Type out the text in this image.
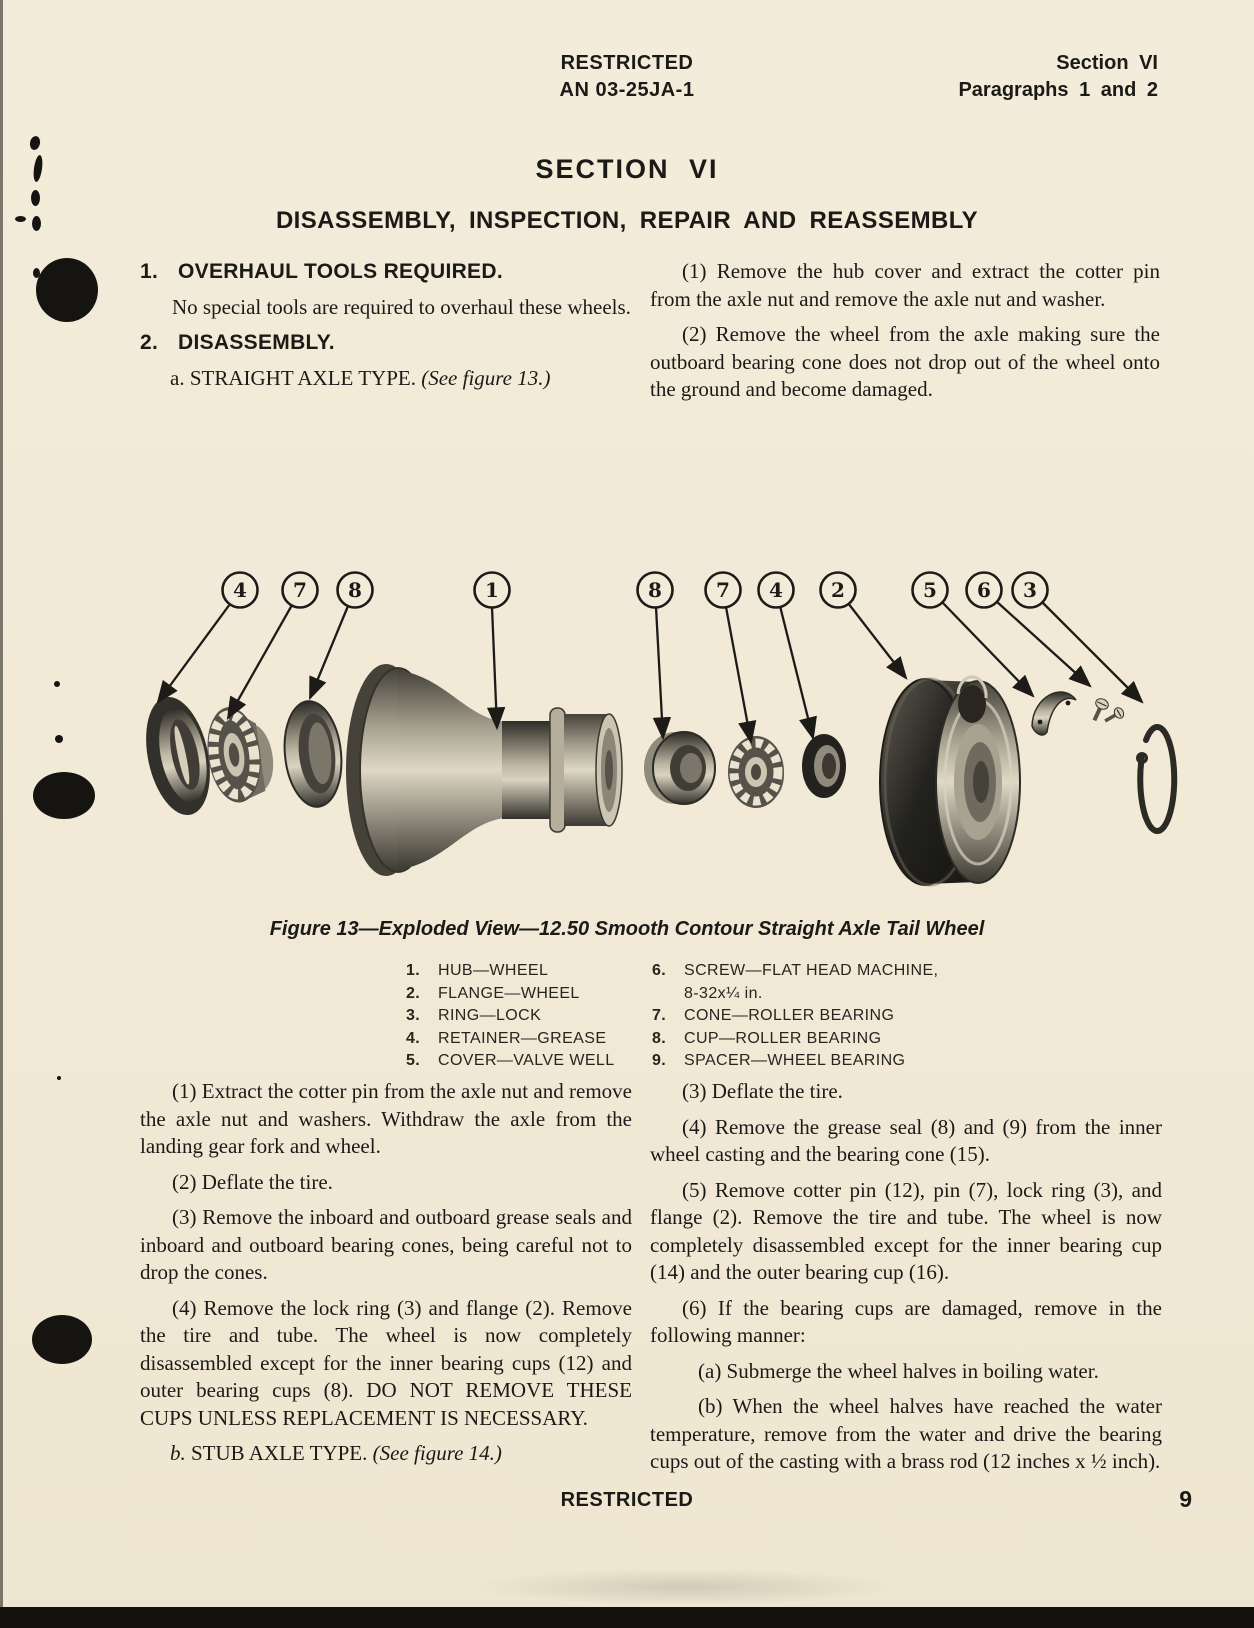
RESTRICTED
AN 03-25JA-1
Section VI
Paragraphs 1 and 2
SECTION VI
DISASSEMBLY, INSPECTION, REPAIR AND REASSEMBLY

1. OVERHAUL TOOLS REQUIRED.

No special tools are required to overhaul these wheels.

2. DISASSEMBLY.

a. STRAIGHT AXLE TYPE. (See figure 13.)

(1) Remove the hub cover and extract the cotter pin from the axle nut and remove the axle nut and washer.

(2) Remove the wheel from the axle making sure the outboard bearing cone does not drop out of the wheel onto the ground and become damaged.

4 7 8	1	8	7 4 2	5 6 3
Figure 13—Exploded View—12.50 Smooth Contour Straight Axle Tail Wheel
1. HUB—WHEEL
2. FLANGE—WHEEL
3. RING—LOCK
4. RETAINER—GREASE
5. COVER—VALVE WELL
6. SCREW—FLAT HEAD MACHINE,
8-32x¼ in.
7. CONE—ROLLER BEARING
8. CUP—ROLLER BEARING
9. SPACER—WHEEL BEARING

(1) Extract the cotter pin from the axle nut and remove the axle nut and washers. Withdraw the axle from the landing gear fork and wheel.

(2) Deflate the tire.

(3) Remove the inboard and outboard grease seals and inboard and outboard bearing cones, being careful not to drop the cones.

(4) Remove the lock ring (3) and flange (2). Remove the tire and tube. The wheel is now completely disassembled except for the inner bearing cups (12) and outer bearing cups (8). DO NOT REMOVE THESE CUPS UNLESS REPLACEMENT IS NECESSARY.

b. STUB AXLE TYPE. (See figure 14.)

(3) Deflate the tire.

(4) Remove the grease seal (8) and (9) from the inner wheel casting and the bearing cone (15).

(5) Remove cotter pin (12), pin (7), lock ring (3), and flange (2). Remove the tire and tube. The wheel is now completely disassembled except for the inner bearing cup (14) and the outer bearing cup (16).

(6) If the bearing cups are damaged, remove in the following manner:

(a) Submerge the wheel halves in boiling water.

(b) When the wheel halves have reached the water temperature, remove from the water and drive the bearing cups out of the casting with a brass rod (12 inches x ½ inch).

RESTRICTED	9
